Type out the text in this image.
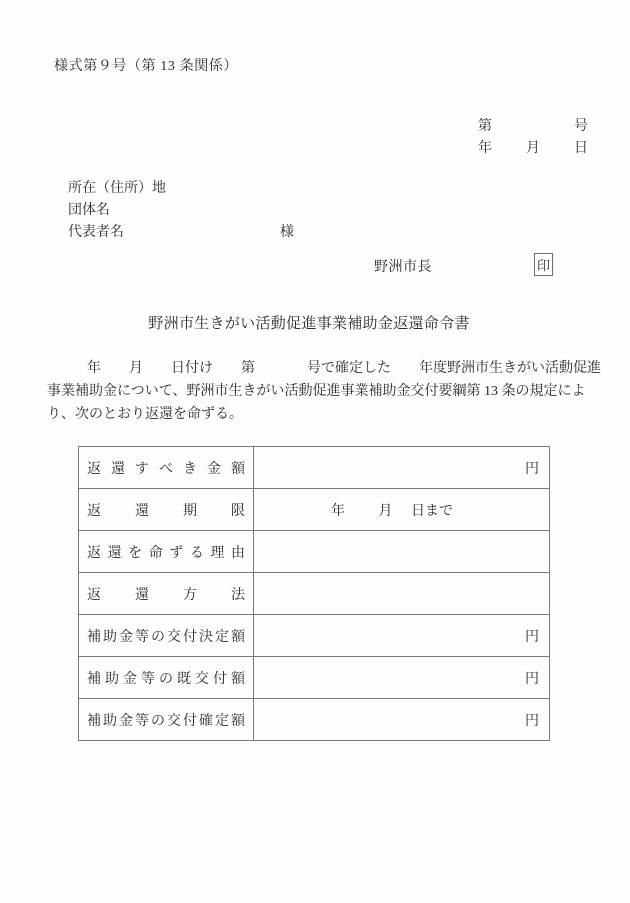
様式第９号（第 13 条関係）
第	号
年 月 日
所在（住所）地
団体名
代表者名	様
野洲市長	印
野洲市生きがい活動促進事業補助金返還命令書
年 月 日付け 第	号で確定した 年度野洲市生きがい活動促進
事業補助金について、野洲市生きがい活動促進事業補助金交付要綱第 13 条の規定によ
り、次のとおり返還を命ずる。
返 還 す べ き 金 額	円

返 還 期 限	年 月 日まで

返 還 を 命 ず る 理 由

返 還 方 法	

補 助 金 等 の 交 付 決 定 額	円

補 助 金 等 の 既 交 付 額	円

補 助 金 等 の 交 付 確 定 額	円
